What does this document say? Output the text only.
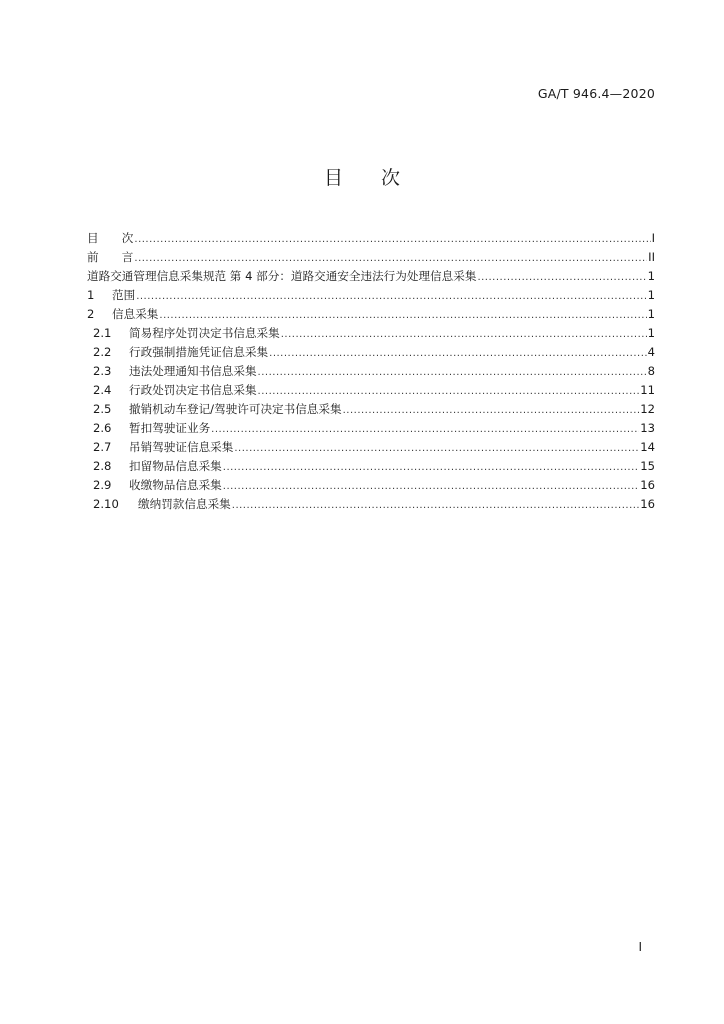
GA/T 946.4—2020
目　　次
目　　次 .....	I
前　　言 .....	II
道路交通管理信息采集规范 第 4 部分：道路交通安全违法行为处理信息采集 .....	1
1	范围 .....	1
2	信息采集 .....	1
2.1	简易程序处罚决定书信息采集 .....	1
2.2	行政强制措施凭证信息采集 .....	4
2.3	违法处理通知书信息采集 .....	8
2.4	行政处罚决定书信息采集 .....	11
2.5	撤销机动车登记/驾驶许可决定书信息采集 .....	12
2.6	暂扣驾驶证业务 .....	13
2.7	吊销驾驶证信息采集 .....	14
2.8	扣留物品信息采集 .....	15
2.9	收缴物品信息采集 .....	16
2.10	缴纳罚款信息采集 .....	16
I
